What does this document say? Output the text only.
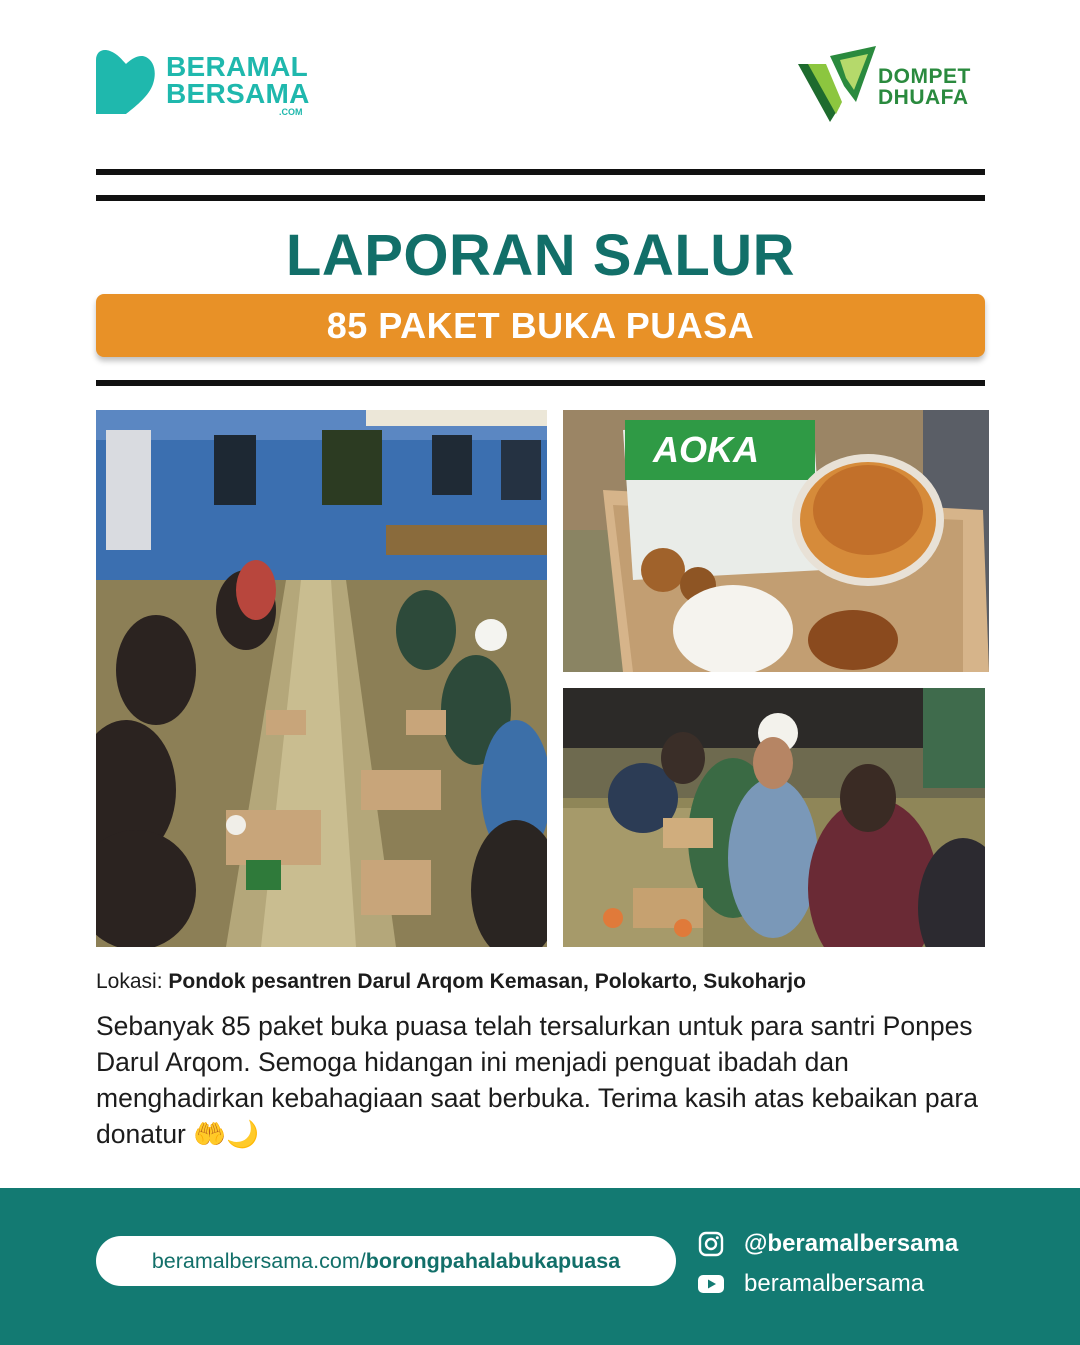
BERAMAL
BERSAMA
.COM
DOMPET
DHUAFA
LAPORAN SALUR
85 PAKET BUKA PUASA
AOKA
Lokasi: Pondok pesantren Darul Arqom Kemasan, Polokarto, Sukoharjo

Sebanyak 85 paket buka puasa telah tersalurkan untuk para santri Ponpes Darul Arqom. Semoga hidangan ini menjadi penguat ibadah dan menghadirkan kebahagiaan saat berbuka. Terima kasih atas kebaikan para donatur 🤲🌙

beramalbersama.com/ borongpahalabukapuasa
@beramalbersama
beramalbersama
